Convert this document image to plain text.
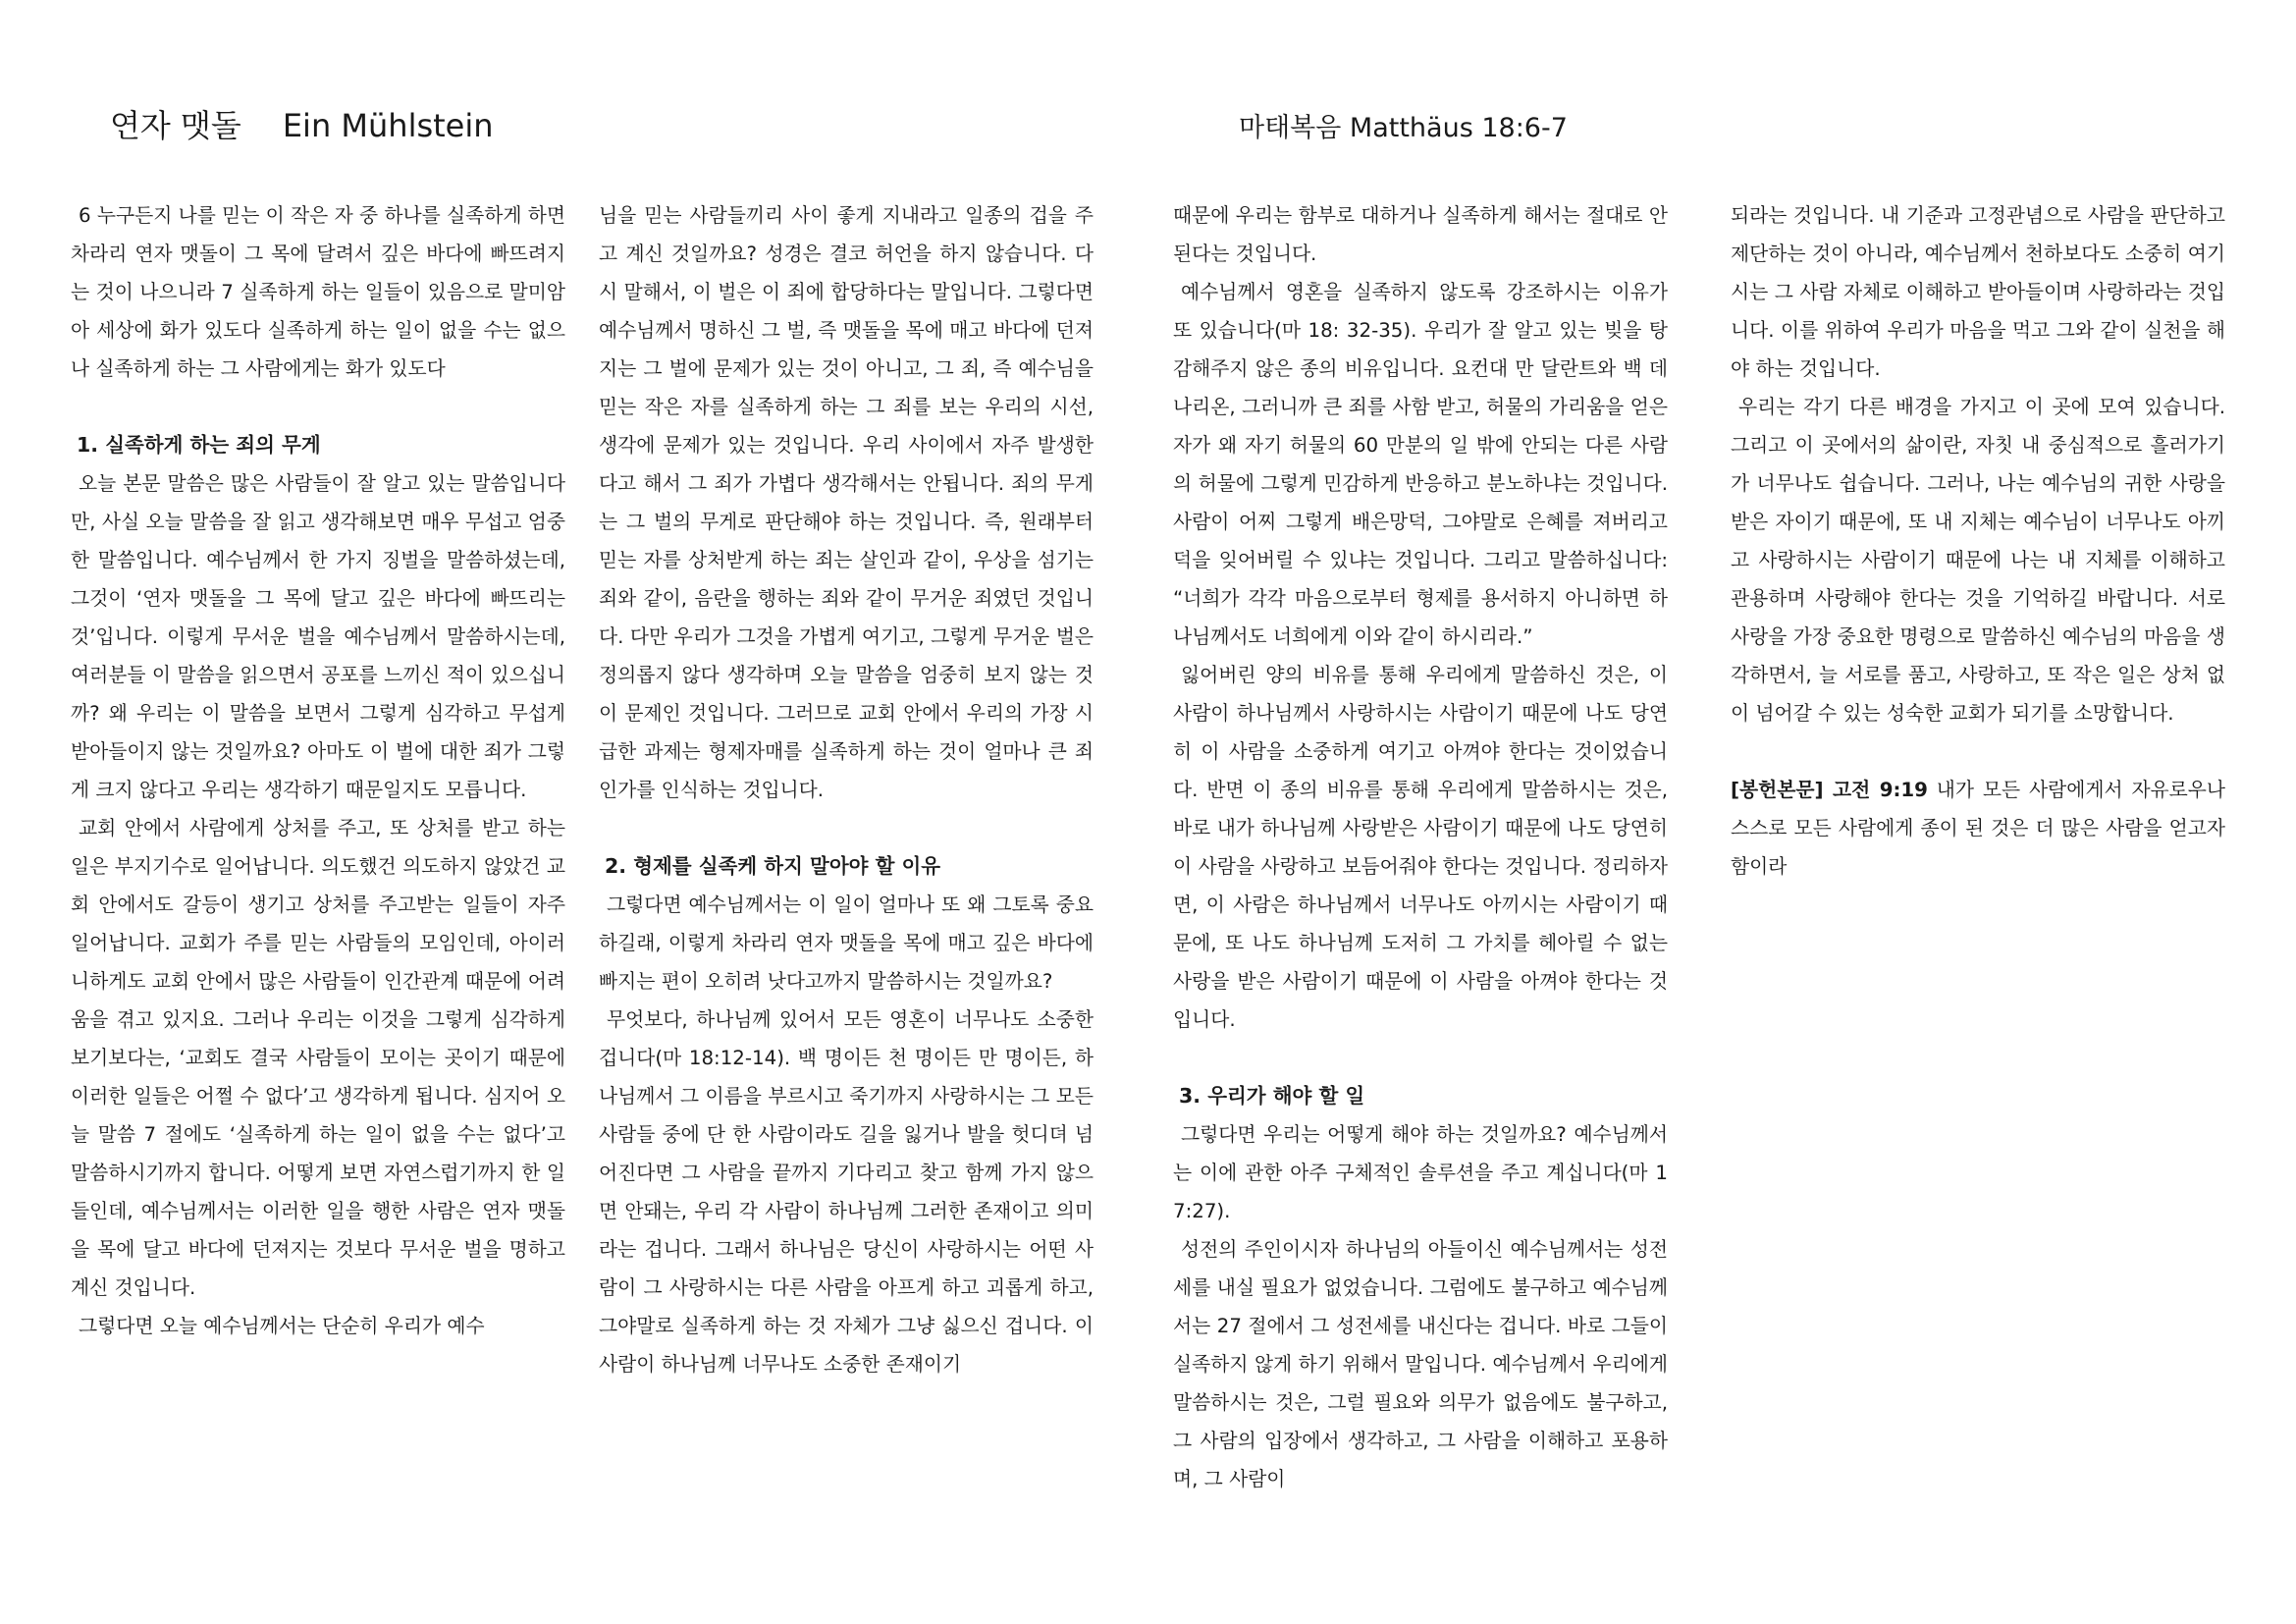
연자 맷돌 Ein Mühlstein	마태복음 Matthäus 18:6-7

6 누구든지 나를 믿는 이 작은 자 중 하나를 실족하게 하면 차라리 연자 맷돌이 그 목에 달려서 깊은 바다에 빠뜨려지는 것이 나으니라 7 실족하게 하는 일들이 있음으로 말미암아 세상에 화가 있도다 실족하게 하는 일이 없을 수는 없으나 실족하게 하는 그 사람에게는 화가 있도다

1. 실족하게 하는 죄의 무게

오늘 본문 말씀은 많은 사람들이 잘 알고 있는 말씀입니다만, 사실 오늘 말씀을 잘 읽고 생각해보면 매우 무섭고 엄중한 말씀입니다. 예수님께서 한 가지 징벌을 말씀하셨는데, 그것이 ‘연자 맷돌을 그 목에 달고 깊은 바다에 빠뜨리는 것’입니다. 이렇게 무서운 벌을 예수님께서 말씀하시는데, 여러분들 이 말씀을 읽으면서 공포를 느끼신 적이 있으십니까? 왜 우리는 이 말씀을 보면서 그렇게 심각하고 무섭게 받아들이지 않는 것일까요? 아마도 이 벌에 대한 죄가 그렇게 크지 않다고 우리는 생각하기 때문일지도 모릅니다.

교회 안에서 사람에게 상처를 주고, 또 상처를 받고 하는 일은 부지기수로 일어납니다. 의도했건 의도하지 않았건 교회 안에서도 갈등이 생기고 상처를 주고받는 일들이 자주 일어납니다. 교회가 주를 믿는 사람들의 모임인데, 아이러니하게도 교회 안에서 많은 사람들이 인간관계 때문에 어려움을 겪고 있지요. 그러나 우리는 이것을 그렇게 심각하게 보기보다는, ‘교회도 결국 사람들이 모이는 곳이기 때문에 이러한 일들은 어쩔 수 없다’고 생각하게 됩니다. 심지어 오늘 말씀 7 절에도 ‘실족하게 하는 일이 없을 수는 없다’고 말씀하시기까지 합니다. 어떻게 보면 자연스럽기까지 한 일들인데, 예수님께서는 이러한 일을 행한 사람은 연자 맷돌을 목에 달고 바다에 던져지는 것보다 무서운 벌을 명하고 계신 것입니다.

그렇다면 오늘 예수님께서는 단순히 우리가 예수

님을 믿는 사람들끼리 사이 좋게 지내라고 일종의 겁을 주고 계신 것일까요? 성경은 결코 허언을 하지 않습니다. 다시 말해서, 이 벌은 이 죄에 합당하다는 말입니다. 그렇다면 예수님께서 명하신 그 벌, 즉 맷돌을 목에 매고 바다에 던져지는 그 벌에 문제가 있는 것이 아니고, 그 죄, 즉 예수님을 믿는 작은 자를 실족하게 하는 그 죄를 보는 우리의 시선, 생각에 문제가 있는 것입니다. 우리 사이에서 자주 발생한다고 해서 그 죄가 가볍다 생각해서는 안됩니다. 죄의 무게는 그 벌의 무게로 판단해야 하는 것입니다. 즉, 원래부터 믿는 자를 상처받게 하는 죄는 살인과 같이, 우상을 섬기는 죄와 같이, 음란을 행하는 죄와 같이 무거운 죄였던 것입니다. 다만 우리가 그것을 가볍게 여기고, 그렇게 무거운 벌은 정의롭지 않다 생각하며 오늘 말씀을 엄중히 보지 않는 것이 문제인 것입니다. 그러므로 교회 안에서 우리의 가장 시급한 과제는 형제자매를 실족하게 하는 것이 얼마나 큰 죄인가를 인식하는 것입니다.

2. 형제를 실족케 하지 말아야 할 이유

그렇다면 예수님께서는 이 일이 얼마나 또 왜 그토록 중요하길래, 이렇게 차라리 연자 맷돌을 목에 매고 깊은 바다에 빠지는 편이 오히려 낫다고까지 말씀하시는 것일까요?

무엇보다, 하나님께 있어서 모든 영혼이 너무나도 소중한 겁니다(마 18:12-14). 백 명이든 천 명이든 만 명이든, 하나님께서 그 이름을 부르시고 죽기까지 사랑하시는 그 모든 사람들 중에 단 한 사람이라도 길을 잃거나 발을 헛디뎌 넘어진다면 그 사람을 끝까지 기다리고 찾고 함께 가지 않으면 안돼는, 우리 각 사람이 하나님께 그러한 존재이고 의미라는 겁니다. 그래서 하나님은 당신이 사랑하시는 어떤 사람이 그 사랑하시는 다른 사람을 아프게 하고 괴롭게 하고, 그야말로 실족하게 하는 것 자체가 그냥 싫으신 겁니다. 이 사람이 하나님께 너무나도 소중한 존재이기

때문에 우리는 함부로 대하거나 실족하게 해서는 절대로 안된다는 것입니다.

예수님께서 영혼을 실족하지 않도록 강조하시는 이유가 또 있습니다(마 18: 32-35). 우리가 잘 알고 있는 빚을 탕감해주지 않은 종의 비유입니다. 요컨대 만 달란트와 백 데나리온, 그러니까 큰 죄를 사함 받고, 허물의 가리움을 얻은 자가 왜 자기 허물의 60 만분의 일 밖에 안되는 다른 사람의 허물에 그렇게 민감하게 반응하고 분노하냐는 것입니다. 사람이 어찌 그렇게 배은망덕, 그야말로 은혜를 져버리고 덕을 잊어버릴 수 있냐는 것입니다. 그리고 말씀하십니다: “너희가 각각 마음으로부터 형제를 용서하지 아니하면 하나님께서도 너희에게 이와 같이 하시리라.”

잃어버린 양의 비유를 통해 우리에게 말씀하신 것은, 이 사람이 하나님께서 사랑하시는 사람이기 때문에 나도 당연히 이 사람을 소중하게 여기고 아껴야 한다는 것이었습니다. 반면 이 종의 비유를 통해 우리에게 말씀하시는 것은, 바로 내가 하나님께 사랑받은 사람이기 때문에 나도 당연히 이 사람을 사랑하고 보듬어줘야 한다는 것입니다. 정리하자면, 이 사람은 하나님께서 너무나도 아끼시는 사람이기 때문에, 또 나도 하나님께 도저히 그 가치를 헤아릴 수 없는 사랑을 받은 사람이기 때문에 이 사람을 아껴야 한다는 것입니다.

3. 우리가 해야 할 일

그렇다면 우리는 어떻게 해야 하는 것일까요? 예수님께서는 이에 관한 아주 구체적인 솔루션을 주고 계십니다(마 17:27).

성전의 주인이시자 하나님의 아들이신 예수님께서는 성전세를 내실 필요가 없었습니다. 그럼에도 불구하고 예수님께서는 27 절에서 그 성전세를 내신다는 겁니다. 바로 그들이 실족하지 않게 하기 위해서 말입니다. 예수님께서 우리에게 말씀하시는 것은, 그럴 필요와 의무가 없음에도 불구하고, 그 사람의 입장에서 생각하고, 그 사람을 이해하고 포용하며, 그 사람이

되라는 것입니다. 내 기준과 고정관념으로 사람을 판단하고 제단하는 것이 아니라, 예수님께서 천하보다도 소중히 여기시는 그 사람 자체로 이해하고 받아들이며 사랑하라는 것입니다. 이를 위하여 우리가 마음을 먹고 그와 같이 실천을 해야 하는 것입니다.

우리는 각기 다른 배경을 가지고 이 곳에 모여 있습니다. 그리고 이 곳에서의 삶이란, 자칫 내 중심적으로 흘러가기가 너무나도 쉽습니다. 그러나, 나는 예수님의 귀한 사랑을 받은 자이기 때문에, 또 내 지체는 예수님이 너무나도 아끼고 사랑하시는 사람이기 때문에 나는 내 지체를 이해하고 관용하며 사랑해야 한다는 것을 기억하길 바랍니다. 서로 사랑을 가장 중요한 명령으로 말씀하신 예수님의 마음을 생각하면서, 늘 서로를 품고, 사랑하고, 또 작은 일은 상처 없이 넘어갈 수 있는 성숙한 교회가 되기를 소망합니다.

[봉헌본문] 고전 9:19 내가 모든 사람에게서 자유로우나 스스로 모든 사람에게 종이 된 것은 더 많은 사람을 얻고자 함이라
